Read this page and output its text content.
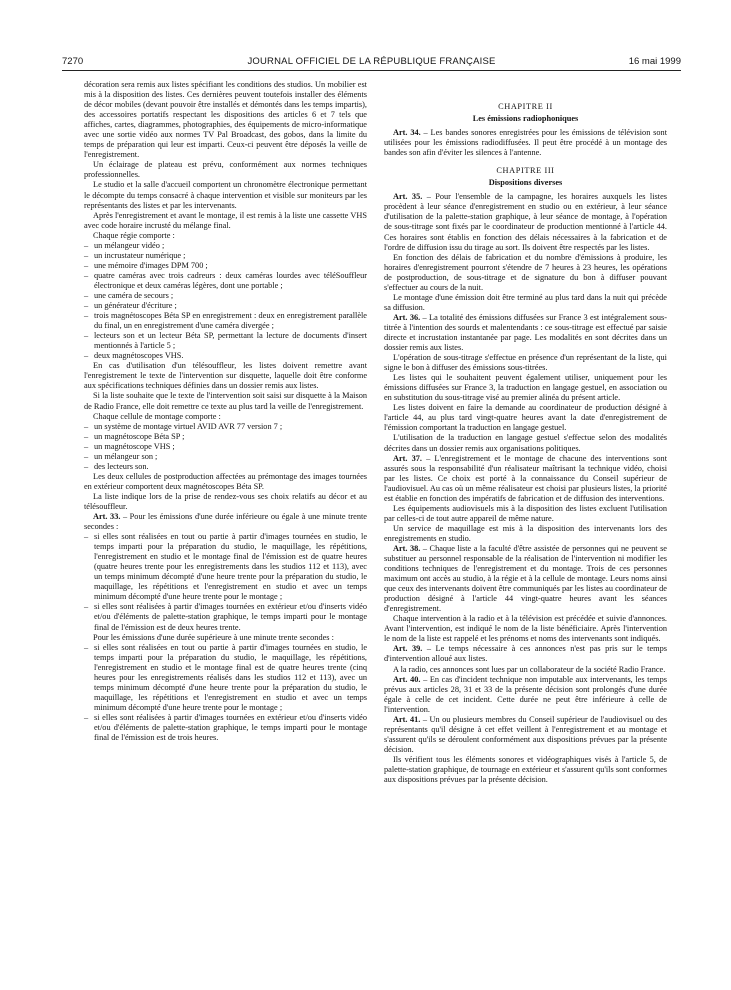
7270	JOURNAL OFFICIEL DE LA RÉPUBLIQUE FRANÇAISE	16 mai 1999

décoration sera remis aux listes spécifiant les conditions des studios. Un mobilier est mis à la disposition des listes. Ces dernières peuvent toutefois installer des éléments de décor mobiles (devant pouvoir être installés et démontés dans les temps impartis), des accessoires portatifs respectant les dispositions des articles 6 et 7 tels que affiches, cartes, diagrammes, photographies, des équipements de micro-informatique avec une sortie vidéo aux normes TV Pal Broadcast, des gobos, dans la limite du temps de préparation qui leur est imparti. Ceux-ci peuvent être déposés la veille de l'enregistrement.

Un éclairage de plateau est prévu, conformément aux normes techniques professionnelles.

Le studio et la salle d'accueil comportent un chronomètre électronique permettant le décompte du temps consacré à chaque intervention et visible sur moniteurs par les représentants des listes et par les intervenants.

Après l'enregistrement et avant le montage, il est remis à la liste une cassette VHS avec code horaire incrusté du mélange final.

Chaque régie comporte :

– un mélangeur vidéo ;
– un incrustateur numérique ;
– une mémoire d'images DPM 700 ;
– quatre caméras avec trois cadreurs : deux caméras lourdes avec téléSouffleur électronique et deux caméras légères, dont une portable ;
– une caméra de secours ;
– un générateur d'écriture ;
– trois magnétoscopes Béta SP en enregistrement : deux en enregistrement parallèle du final, un en enregistrement d'une caméra divergée ;
– lecteurs son et un lecteur Béta SP, permettant la lecture de documents d'insert mentionnés à l'article 5 ;
– deux magnétoscopes VHS.

En cas d'utilisation d'un télésouffleur, les listes doivent remettre avant l'enregistrement le texte de l'intervention sur disquette, laquelle doit être conforme aux spécifications techniques définies dans un dossier remis aux listes.

Si la liste souhaite que le texte de l'intervention soit saisi sur disquette à la Maison de Radio France, elle doit remettre ce texte au plus tard la veille de l'enregistrement.

Chaque cellule de montage comporte :

– un système de montage virtuel AVID AVR 77 version 7 ;
– un magnétoscope Béta SP ;
– un magnétoscope VHS ;
– un mélangeur son ;
– des lecteurs son.

Les deux cellules de postproduction affectées au prémontage des images tournées en extérieur comportent deux magnétoscopes Béta SP.

La liste indique lors de la prise de rendez-vous ses choix relatifs au décor et au télésouffleur.

Art. 33. – Pour les émissions d'une durée inférieure ou égale à une minute trente secondes :

– si elles sont réalisées en tout ou partie à partir d'images tournées en studio, le temps imparti pour la préparation du studio, le maquillage, les répétitions, l'enregistrement en studio et le montage final de l'émission est de quatre heures (quatre heures trente pour les enregistrements dans les studios 112 et 113), avec un temps minimum décompté d'une heure trente pour la préparation du studio, le maquillage, les répétitions et l'enregistrement en studio et avec un temps minimum décompté d'une heure trente pour le montage ;
– si elles sont réalisées à partir d'images tournées en extérieur et/ou d'inserts vidéo et/ou d'éléments de palette-station graphique, le temps imparti pour le montage final de l'émission est de deux heures trente.

Pour les émissions d'une durée supérieure à une minute trente secondes :

– si elles sont réalisées en tout ou partie à partir d'images tournées en studio, le temps imparti pour la préparation du studio, le maquillage, les répétitions, l'enregistrement en studio et le montage final est de quatre heures trente (cinq heures pour les enregistrements réalisés dans les studios 112 et 113), avec un temps minimum décompté d'une heure trente pour la préparation du studio, le maquillage, les répétitions et l'enregistrement en studio et avec un temps minimum décompté d'une heure trente pour le montage ;
– si elles sont réalisées à partir d'images tournées en extérieur et/ou d'inserts vidéo et/ou d'éléments de palette-station graphique, le temps imparti pour le montage final de l'émission est de trois heures.
CHAPITRE II
Les émissions radiophoniques

Art. 34. – Les bandes sonores enregistrées pour les émissions de télévision sont utilisées pour les émissions radiodiffusées. Il peut être procédé à un montage des bandes son afin d'éviter les silences à l'antenne.

CHAPITRE III
Dispositions diverses

Art. 35. – Pour l'ensemble de la campagne, les horaires auxquels les listes procèdent à leur séance d'enregistrement en studio ou en extérieur, à leur séance d'utilisation de la palette-station graphique, à leur séance de montage, à l'opération de sous-titrage sont fixés par le coordinateur de production mentionné à l'article 44. Ces horaires sont établis en fonction des délais nécessaires à la fabrication et de l'ordre de diffusion issu du tirage au sort. Ils doivent être respectés par les listes.

En fonction des délais de fabrication et du nombre d'émissions à produire, les horaires d'enregistrement pourront s'étendre de 7 heures à 23 heures, les opérations de postproduction, de sous-titrage et de signature du bon à diffuser pouvant s'effectuer au cours de la nuit.

Le montage d'une émission doit être terminé au plus tard dans la nuit qui précède sa diffusion.

Art. 36. – La totalité des émissions diffusées sur France 3 est intégralement sous-titrée à l'intention des sourds et malentendants : ce sous-titrage est effectué par saisie directe et incrustation instantanée par page. Les modalités en sont décrites dans un dossier remis aux listes.

L'opération de sous-titrage s'effectue en présence d'un représentant de la liste, qui signe le bon à diffuser des émissions sous-titrées.

Les listes qui le souhaitent peuvent également utiliser, uniquement pour les émissions diffusées sur France 3, la traduction en langage gestuel, en association ou en substitution du sous-titrage visé au premier alinéa du présent article.

Les listes doivent en faire la demande au coordinateur de production désigné à l'article 44, au plus tard vingt-quatre heures avant la date d'enregistrement de l'émission comportant la traduction en langage gestuel.

L'utilisation de la traduction en langage gestuel s'effectue selon des modalités décrites dans un dossier remis aux organisations politiques.

Art. 37. – L'enregistrement et le montage de chacune des interventions sont assurés sous la responsabilité d'un réalisateur maîtrisant la technique vidéo, choisi par les listes. Ce choix est porté à la connaissance du Conseil supérieur de l'audiovisuel. Au cas où un même réalisateur est choisi par plusieurs listes, la priorité est établie en fonction des impératifs de fabrication et de diffusion des interventions.

Les équipements audiovisuels mis à la disposition des listes excluent l'utilisation par celles-ci de tout autre appareil de même nature.

Un service de maquillage est mis à la disposition des intervenants lors des enregistrements en studio.

Art. 38. – Chaque liste a la faculté d'être assistée de personnes qui ne peuvent se substituer au personnel responsable de la réalisation de l'intervention ni modifier les conditions techniques de l'enregistrement et du montage. Trois de ces personnes maximum ont accès au studio, à la régie et à la cellule de montage. Leurs noms ainsi que ceux des intervenants doivent être communiqués par les listes au coordinateur de production désigné à l'article 44 vingt-quatre heures avant les séances d'enregistrement.

Chaque intervention à la radio et à la télévision est précédée et suivie d'annonces. Avant l'intervention, est indiqué le nom de la liste bénéficiaire. Après l'intervention le nom de la liste est rappelé et les prénoms et noms des intervenants sont indiqués.

Art. 39. – Le temps nécessaire à ces annonces n'est pas pris sur le temps d'intervention alloué aux listes.

A la radio, ces annonces sont lues par un collaborateur de la société Radio France.

Art. 40. – En cas d'incident technique non imputable aux intervenants, les temps prévus aux articles 28, 31 et 33 de la présente décision sont prolongés d'une durée égale à celle de cet incident. Cette durée ne peut être inférieure à celle de l'intervention.

Art. 41. – Un ou plusieurs membres du Conseil supérieur de l'audiovisuel ou des représentants qu'il désigne à cet effet veillent à l'enregistrement et au montage et s'assurent qu'ils se déroulent conformément aux dispositions prévues par la présente décision.

Ils vérifient tous les éléments sonores et vidéographiques visés à l'article 5, de palette-station graphique, de tournage en extérieur et s'assurent qu'ils sont conformes aux dispositions prévues par la présente décision.
